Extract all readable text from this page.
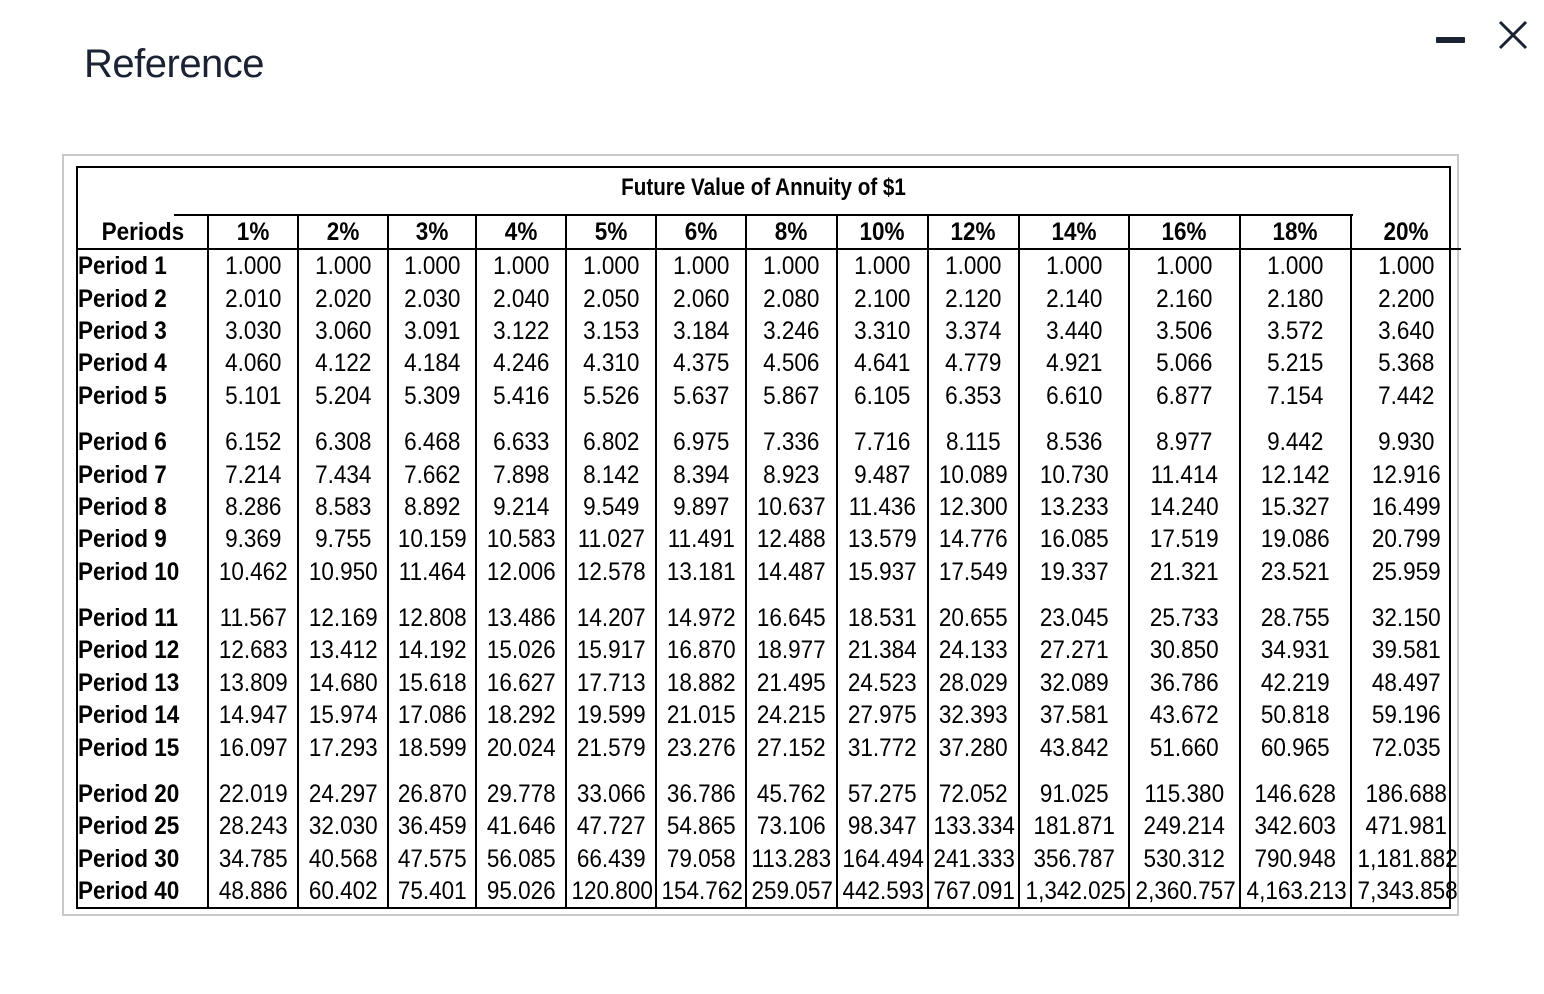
Reference
Future Value of Annuity of $1
Periods	1%	2%	3%	4%	5%	6%	8%	10%	12%	14%	16%	18%	20%
Period 1	1.000	1.000	1.000	1.000	1.000	1.000	1.000	1.000	1.000	1.000	1.000	1.000	1.000
Period 2	2.010	2.020	2.030	2.040	2.050	2.060	2.080	2.100	2.120	2.140	2.160	2.180	2.200
Period 3	3.030	3.060	3.091	3.122	3.153	3.184	3.246	3.310	3.374	3.440	3.506	3.572	3.640
Period 4	4.060	4.122	4.184	4.246	4.310	4.375	4.506	4.641	4.779	4.921	5.066	5.215	5.368
Period 5	5.101	5.204	5.309	5.416	5.526	5.637	5.867	6.105	6.353	6.610	6.877	7.154	7.442
Period 6	6.152	6.308	6.468	6.633	6.802	6.975	7.336	7.716	8.115	8.536	8.977	9.442	9.930
Period 7	7.214	7.434	7.662	7.898	8.142	8.394	8.923	9.487	10.089	10.730	11.414	12.142	12.916
Period 8	8.286	8.583	8.892	9.214	9.549	9.897	10.637	11.436	12.300	13.233	14.240	15.327	16.499
Period 9	9.369	9.755	10.159	10.583	11.027	11.491	12.488	13.579	14.776	16.085	17.519	19.086	20.799
Period 10	10.462	10.950	11.464	12.006	12.578	13.181	14.487	15.937	17.549	19.337	21.321	23.521	25.959
Period 11	11.567	12.169	12.808	13.486	14.207	14.972	16.645	18.531	20.655	23.045	25.733	28.755	32.150
Period 12	12.683	13.412	14.192	15.026	15.917	16.870	18.977	21.384	24.133	27.271	30.850	34.931	39.581
Period 13	13.809	14.680	15.618	16.627	17.713	18.882	21.495	24.523	28.029	32.089	36.786	42.219	48.497
Period 14	14.947	15.974	17.086	18.292	19.599	21.015	24.215	27.975	32.393	37.581	43.672	50.818	59.196
Period 15	16.097	17.293	18.599	20.024	21.579	23.276	27.152	31.772	37.280	43.842	51.660	60.965	72.035
Period 20	22.019	24.297	26.870	29.778	33.066	36.786	45.762	57.275	72.052	91.025	115.380	146.628	186.688
Period 25	28.243	32.030	36.459	41.646	47.727	54.865	73.106	98.347	133.334	181.871	249.214	342.603	471.981
Period 30	34.785	40.568	47.575	56.085	66.439	79.058	113.283	164.494	241.333	356.787	530.312	790.948	1,181.882
Period 40	48.886	60.402	75.401	95.026	120.800	154.762	259.057	442.593	767.091	1,342.025	2,360.757	4,163.213	7,343.858
